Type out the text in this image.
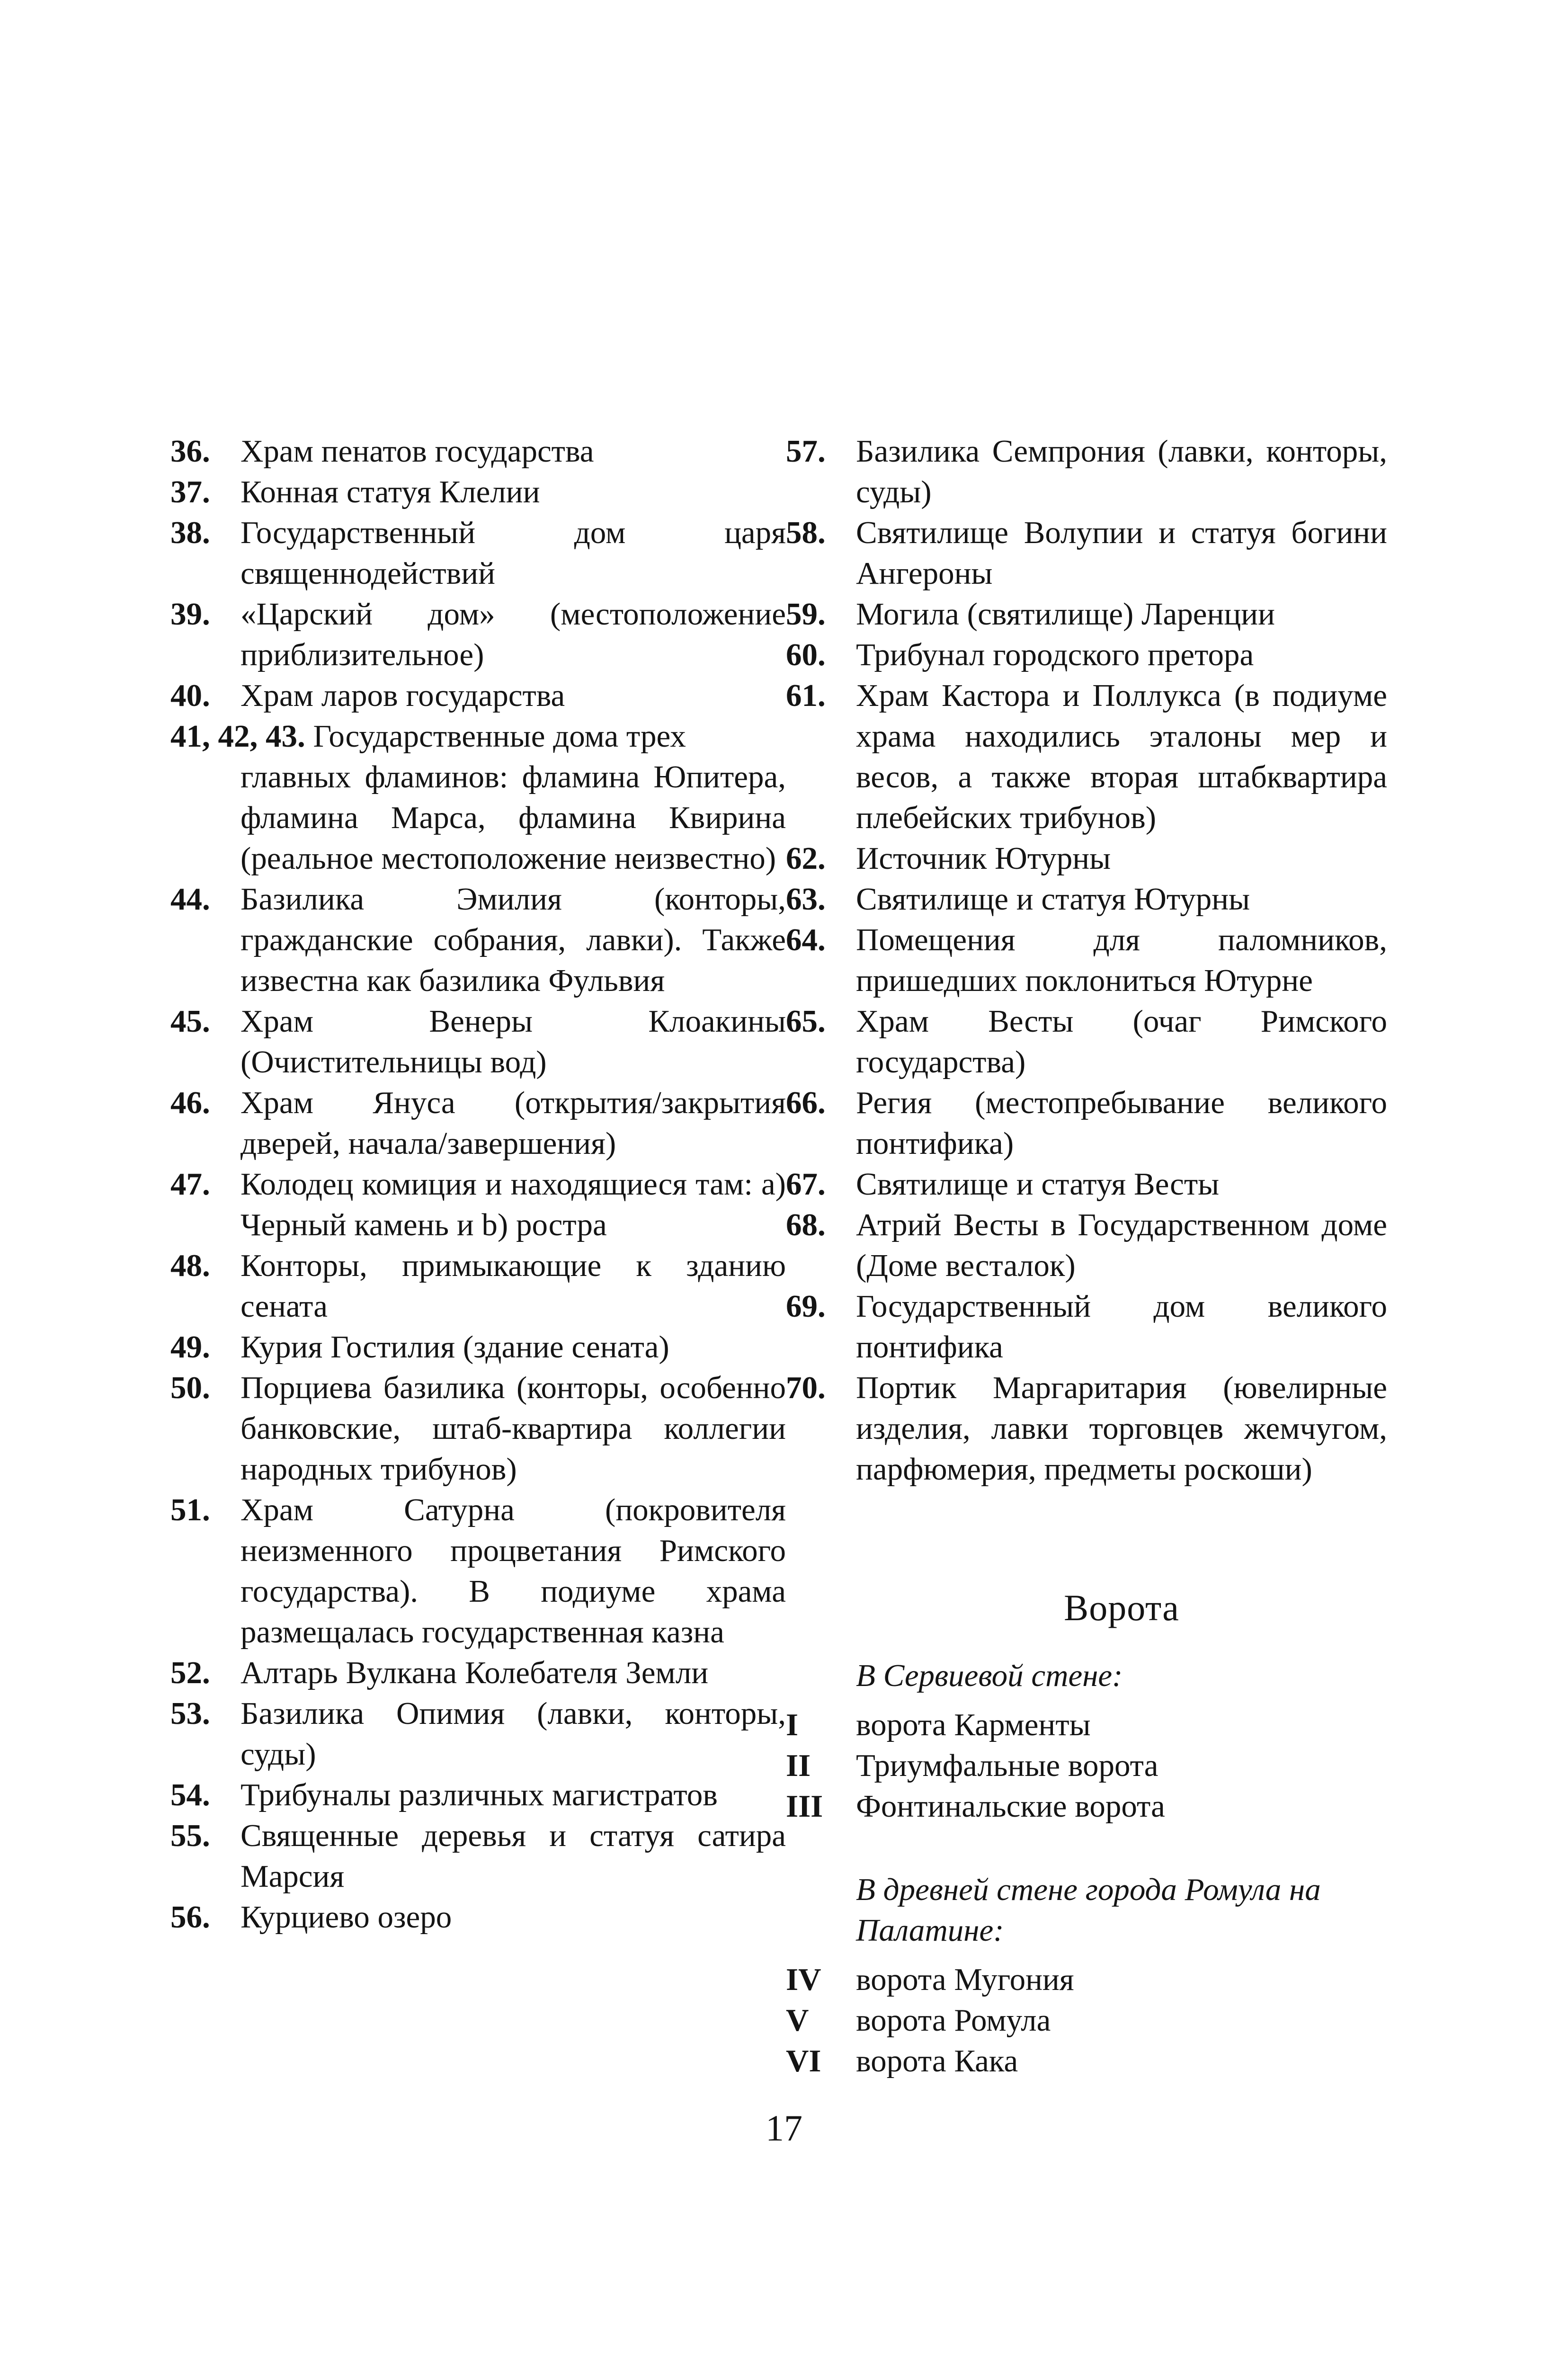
36. Храм пенатов государства
37. Конная статуя Клелии
38. Государственный дом царя священнодействий
39. «Царский дом» (местоположение приблизительное)
40. Храм ларов государства
41, 42, 43. Государственные дома трех
главных фламинов: фламина Юпитера, фламина Марса, фламина Квирина (реальное местоположение неизвестно)
44. Базилика Эмилия (конторы, гражданские собрания, лавки). Также известна как базилика Фульвия
45. Храм Венеры Клоакины (Очистительницы вод)
46. Храм Януса (открытия/закрытия дверей, начала/завершения)
47. Колодец комиция и находящиеся там: a) Черный камень и b) ростра
48. Конторы, примыкающие к зданию сената
49. Курия Гостилия (здание сената)
50. Порциева базилика (конторы, особенно банковские, штаб-квартира коллегии народных трибунов)
51. Храм Сатурна (покровителя неизменного процветания Римского государства). В подиуме храма размещалась государственная казна
52. Алтарь Вулкана Колебателя Земли
53. Базилика Опимия (лавки, конторы, суды)
54. Трибуналы различных магистратов
55. Священные деревья и статуя сатира Марсия
56. Курциево озеро
57. Базилика Семпрония (лавки, конторы, суды)
58. Святилище Волупии и статуя богини Ангероны
59. Могила (святилище) Ларенции
60. Трибунал городского претора
61. Храм Кастора и Поллукса (в подиуме храма находились эталоны мер и весов, а также вторая штабквартира плебейских трибунов)
62. Источник Ютурны
63. Святилище и статуя Ютурны
64. Помещения для паломников, пришедших поклониться Ютурне
65. Храм Весты (очаг Римского государства)
66. Регия (местопребывание великого понтифика)
67. Святилище и статуя Весты
68. Атрий Весты в Государственном доме (Доме весталок)
69. Государственный дом великого понтифика
70. Портик Маргаритария (ювелирные изделия, лавки торговцев жемчугом, парфюмерия, предметы роскоши)
Ворота
В Сервиевой стене:
I ворота Карменты
II Триумфальные ворота
III Фонтинальские ворота
В древней стене города Ромула на Палатине:
IV ворота Мугония
V ворота Ромула
VI ворота Кака
17
